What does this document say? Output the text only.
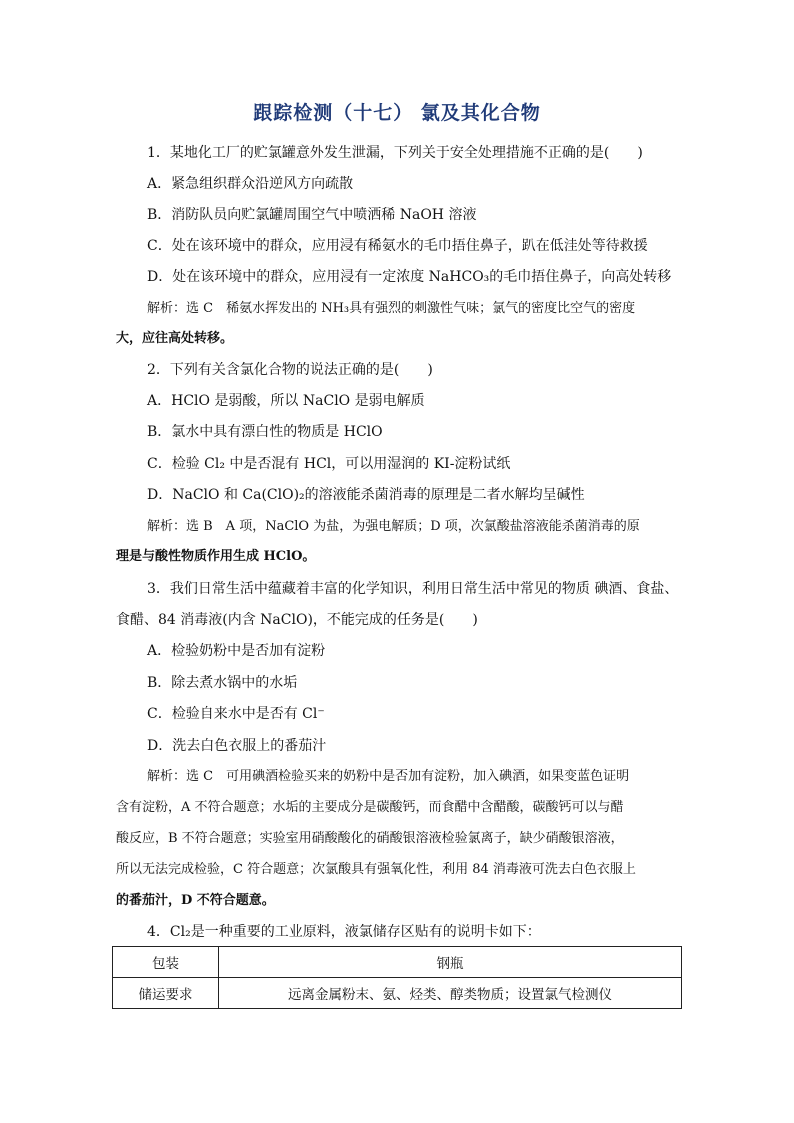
跟踪检测（十七） 氯及其化合物
1．某地化工厂的贮氯罐意外发生泄漏，下列关于安全处理措施不正确的是(　　)
A．紧急组织群众沿逆风方向疏散
B．消防队员向贮氯罐周围空气中喷洒稀 NaOH 溶液
C．处在该环境中的群众，应用浸有稀氨水的毛巾捂住鼻子，趴在低洼处等待救援
D．处在该环境中的群众，应用浸有一定浓度 NaHCO₃的毛巾捂住鼻子，向高处转移
解析：选 C　稀氨水挥发出的 NH₃具有强烈的刺激性气味；氯气的密度比空气的密度
大，应往高处转移。
2．下列有关含氯化合物的说法正确的是(　　)
A．HClO 是弱酸，所以 NaClO 是弱电解质
B．氯水中具有漂白性的物质是 HClO
C．检验 Cl₂ 中是否混有 HCl，可以用湿润的 KI-淀粉试纸
D．NaClO 和 Ca(ClO)₂的溶液能杀菌消毒的原理是二者水解均呈碱性
解析：选 B　A 项，NaClO 为盐，为强电解质；D 项，次氯酸盐溶液能杀菌消毒的原
理是与酸性物质作用生成 HClO。
3．我们日常生活中蕴藏着丰富的化学知识，利用日常生活中常见的物质 碘酒、食盐、
食醋、84 消毒液(内含 NaClO)，不能完成的任务是(　　)
A．检验奶粉中是否加有淀粉
B．除去煮水锅中的水垢
C．检验自来水中是否有 Cl⁻
D．洗去白色衣服上的番茄汁
解析：选 C　可用碘酒检验买来的奶粉中是否加有淀粉，加入碘酒，如果变蓝色证明
含有淀粉，A 不符合题意；水垢的主要成分是碳酸钙，而食醋中含醋酸，碳酸钙可以与醋
酸反应，B 不符合题意；实验室用硝酸酸化的硝酸银溶液检验氯离子，缺少硝酸银溶液，
所以无法完成检验，C 符合题意；次氯酸具有强氧化性，利用 84 消毒液可洗去白色衣服上
的番茄汁，D 不符合题意。
4．Cl₂是一种重要的工业原料，液氯储存区贴有的说明卡如下：
包装	钢瓶
储运要求	远离金属粉末、氨、烃类、醇类物质；设置氯气检测仪
